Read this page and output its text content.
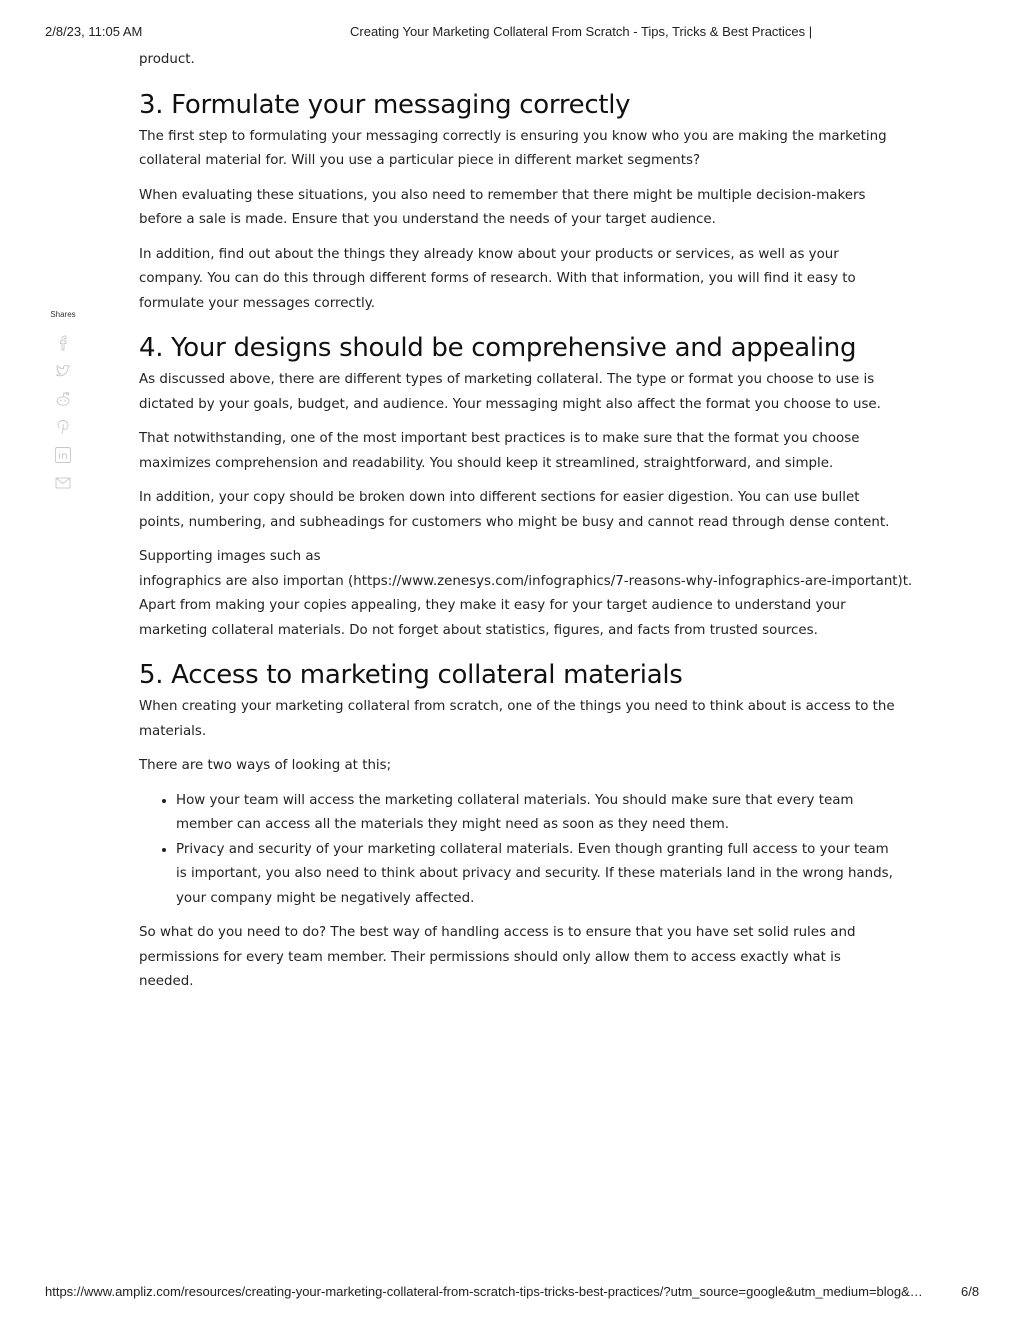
2/8/23, 11:05 AM	Creating Your Marketing Collateral From Scratch - Tips, Tricks & Best Practices |
Shares

product.

3. Formulate your messaging correctly

The first step to formulating your messaging correctly is ensuring you know who you are making the marketing collateral material for. Will you use a particular piece in different market segments?

When evaluating these situations, you also need to remember that there might be multiple decision-makers before a sale is made. Ensure that you understand the needs of your target audience.

In addition, find out about the things they already know about your products or services, as well as your company. You can do this through different forms of research. With that information, you will find it easy to formulate your messages correctly.

4. Your designs should be comprehensive and appealing

As discussed above, there are different types of marketing collateral. The type or format you choose to use is dictated by your goals, budget, and audience. Your messaging might also affect the format you choose to use.

That notwithstanding, one of the most important best practices is to make sure that the format you choose maximizes comprehension and readability. You should keep it streamlined, straightforward, and simple.

In addition, your copy should be broken down into different sections for easier digestion. You can use bullet points, numbering, and subheadings for customers who might be busy and cannot read through dense content.

Supporting images such as
infographics are also importan (https://www.zenesys.com/infographics/7-reasons-why-infographics-are-important)t.
Apart from making your copies appealing, they make it easy for your target audience to understand your marketing collateral materials. Do not forget about statistics, figures, and facts from trusted sources.

5. Access to marketing collateral materials

When creating your marketing collateral from scratch, one of the things you need to think about is access to the materials.

There are two ways of looking at this;

• How your team will access the marketing collateral materials. You should make sure that every team member can access all the materials they might need as soon as they need them.
• Privacy and security of your marketing collateral materials. Even though granting full access to your team is important, you also need to think about privacy and security. If these materials land in the wrong hands, your company might be negatively affected.

So what do you need to do? The best way of handling access is to ensure that you have set solid rules and permissions for every team member. Their permissions should only allow them to access exactly what is needed.

https://www.ampliz.com/resources/creating-your-marketing-collateral-from-scratch-tips-tricks-best-practices/?utm_source=google&utm_medium=blog&…	6/8
